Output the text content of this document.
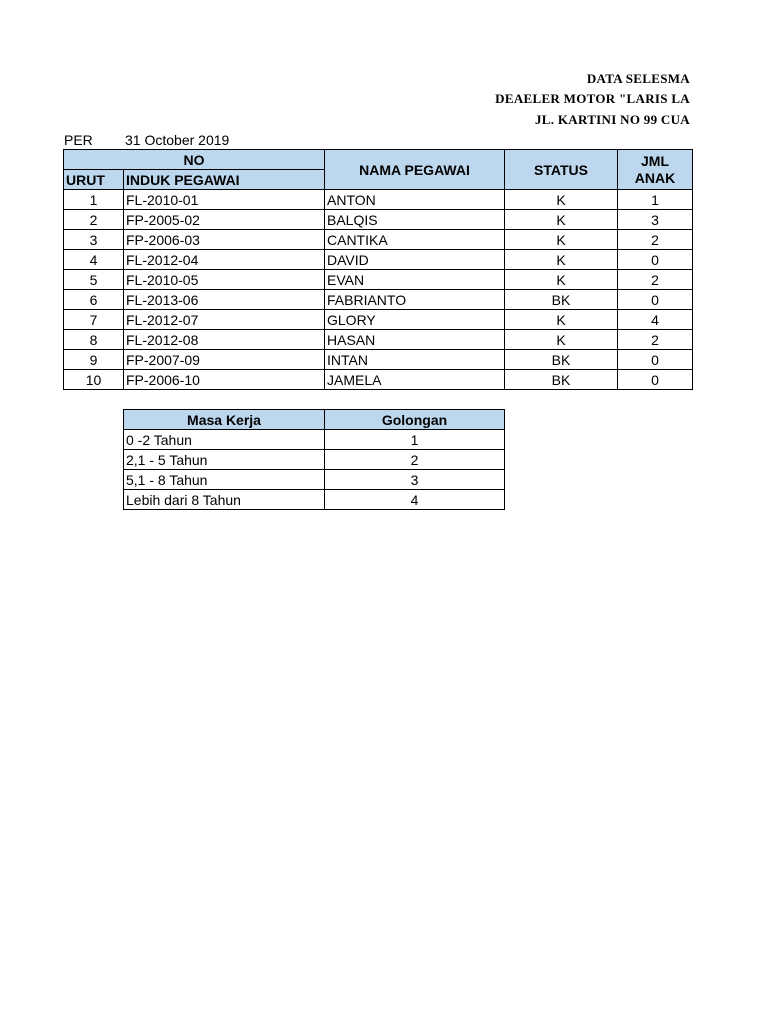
DATA SELESMA
DEAELER MOTOR "LARIS LA
JL. KARTINI NO 99 CUA
PER 31 October 2019
NO		NAMA PEGAWAI	STATUS	JML
ANAK
URUT	INDUK PEGAWAI			
1	FL-2010-01	ANTON	K	1
2	FP-2005-02	BALQIS	K	3
3	FP-2006-03	CANTIKA	K	2
4	FL-2012-04	DAVID	K	0
5	FL-2010-05	EVAN	K	2
6	FL-2013-06	FABRIANTO	BK	0
7	FL-2012-07	GLORY	K	4
8	FL-2012-08	HASAN	K	2
9	FP-2007-09	INTAN	BK	0
10	FP-2006-10	JAMELA	BK	0
Masa Kerja	Golongan
0 -2 Tahun	1
2,1 - 5 Tahun	2
5,1 - 8 Tahun	3
Lebih dari 8 Tahun	4
